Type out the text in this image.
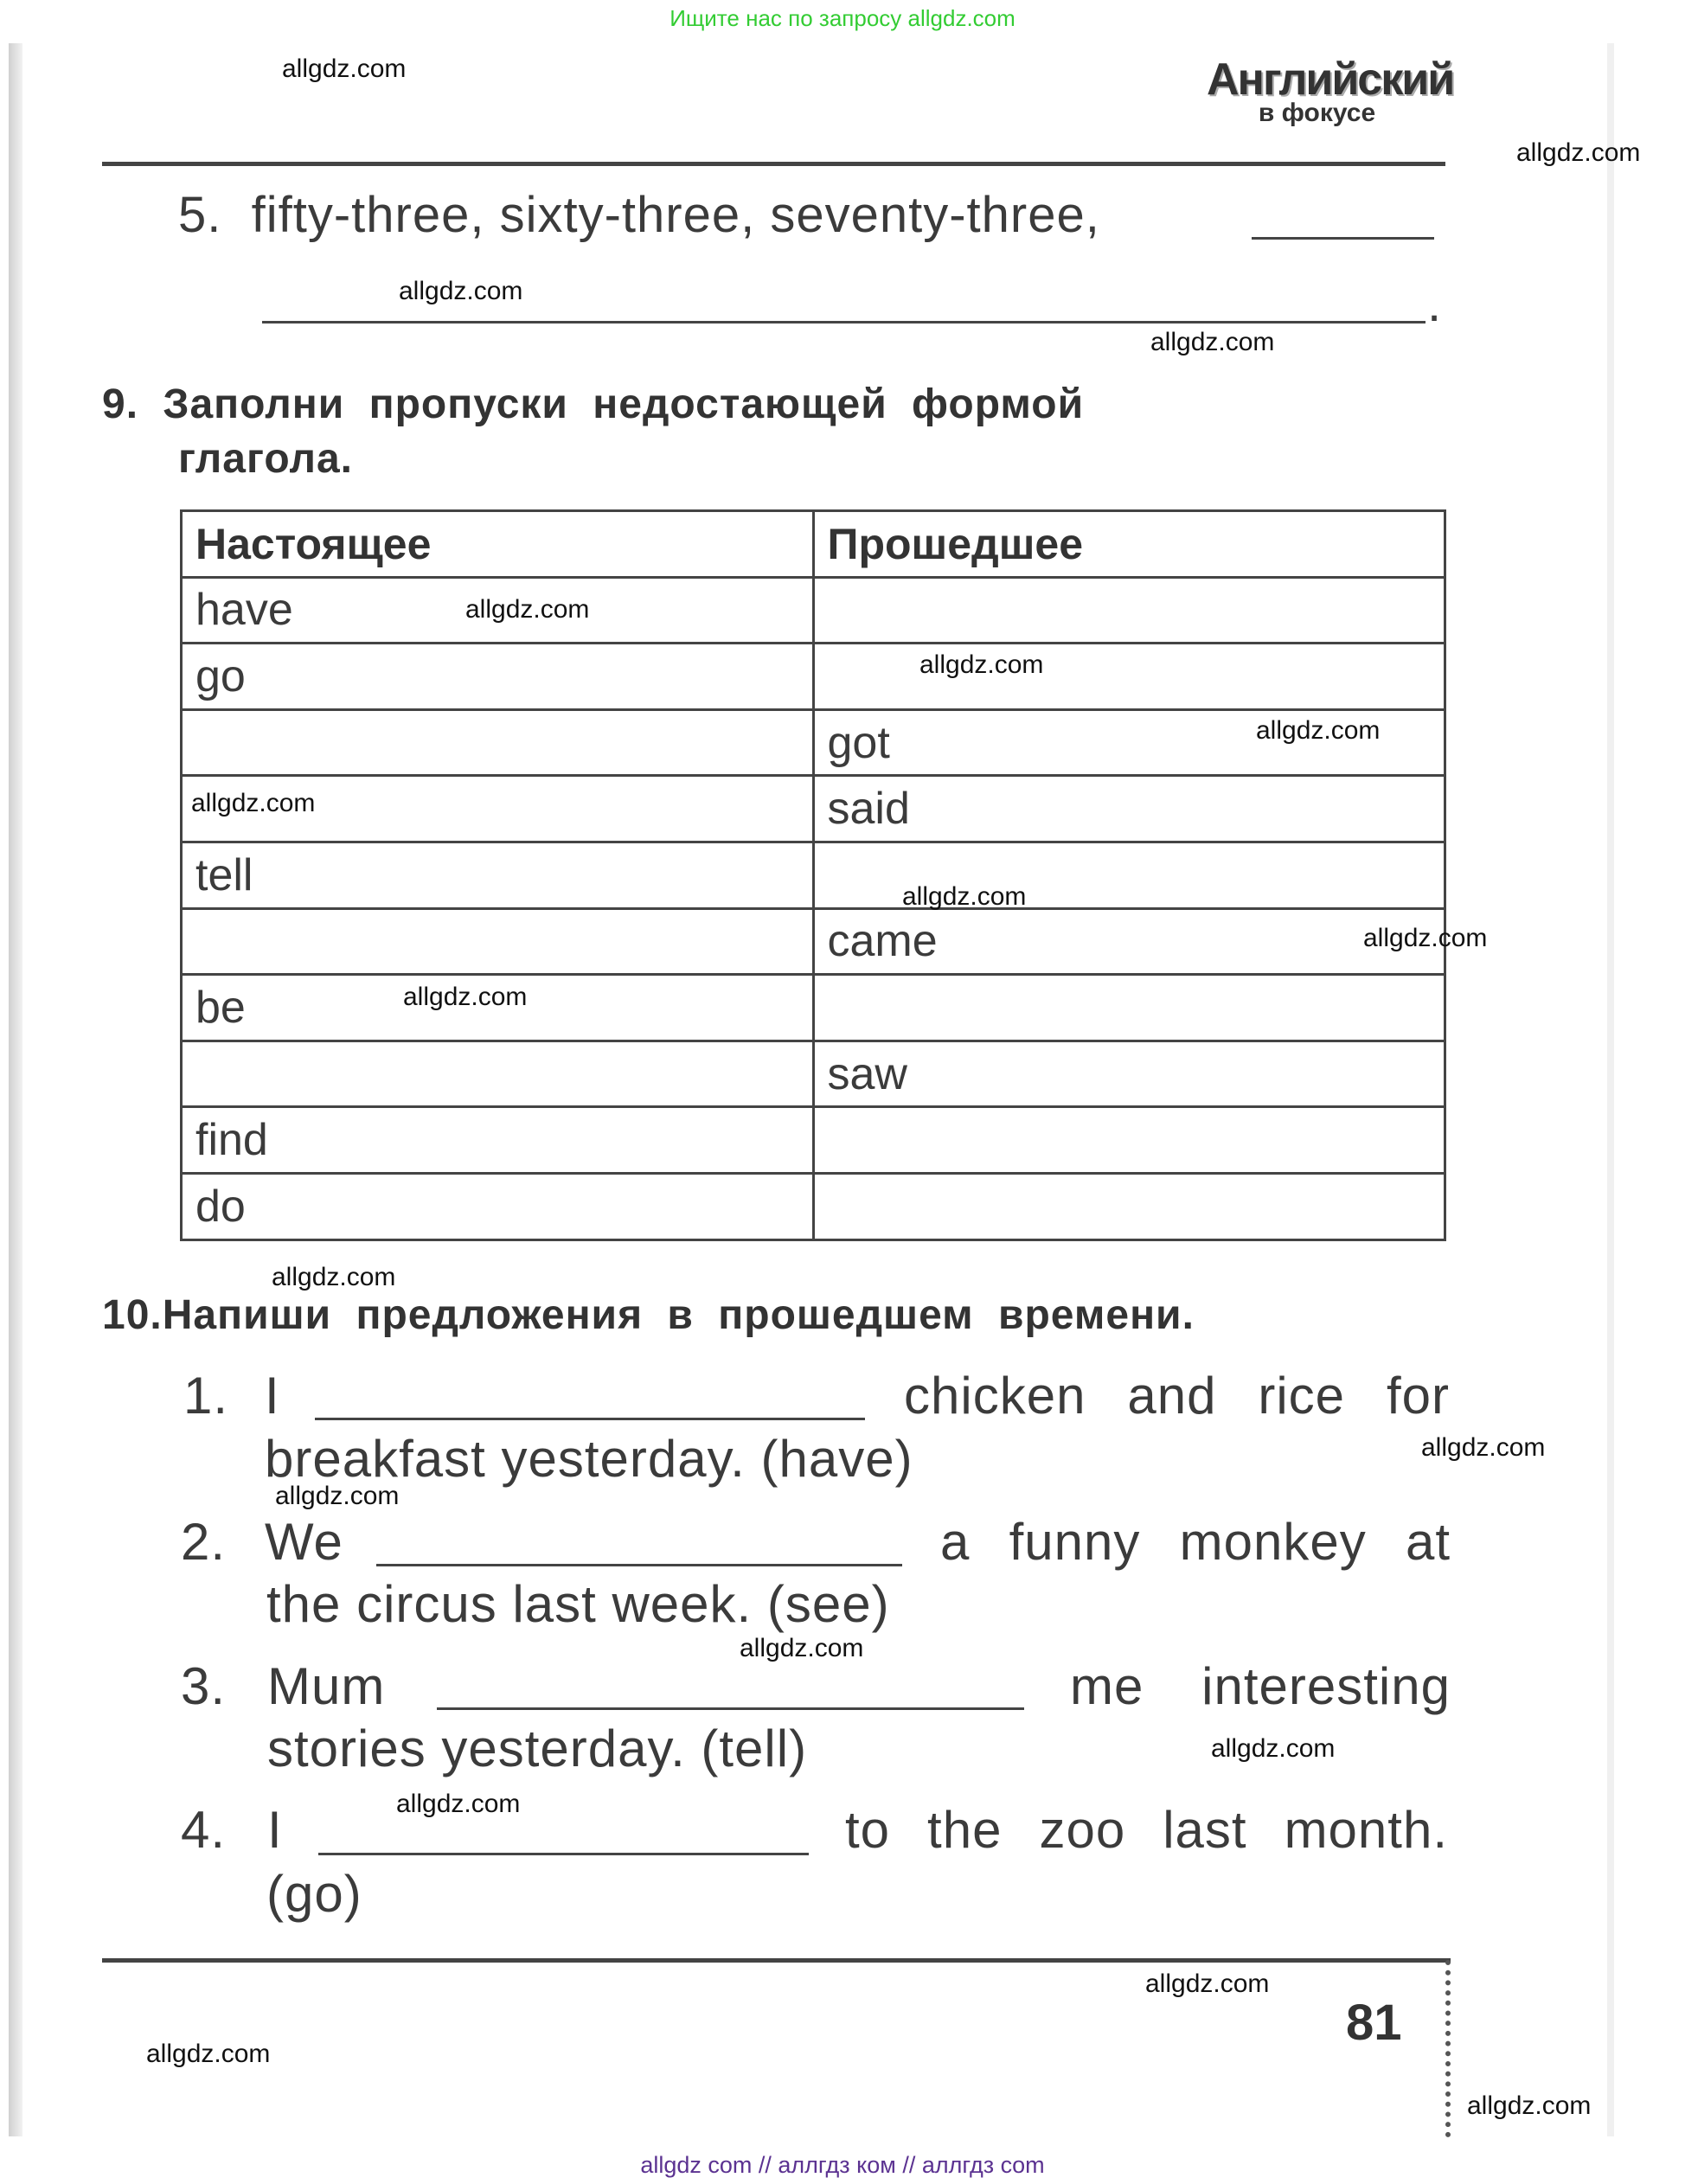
Ищите нас по запросу allgdz.com
Английский
в фокусе
5. fifty-three, sixty-three, seventy-three,
.
9. Заполни пропуски недостающей формой
глагола.
Настоящее	Прошедшее
have	
go	
	got
	said
tell	
	came
be	
	saw
find	
do	
10.Напиши предложения в прошедшем времени.
1. I	chicken and rice for
breakfast yesterday. (have)
2. We	a funny monkey at
the circus last week. (see)
3. Mum	me interesting
stories yesterday. (tell)
4. I	to the zoo last month.
(go)
81
allgdz.com
allgdz.com
allgdz.com
allgdz.com
allgdz.com
allgdz.com
allgdz.com
allgdz.com
allgdz.com
allgdz.com
allgdz.com
allgdz.com
allgdz.com
allgdz.com
allgdz.com
allgdz.com
allgdz.com
allgdz.com
allgdz.com
allgdz.com
allgdz com // аллгдз ком // аллгдз com
